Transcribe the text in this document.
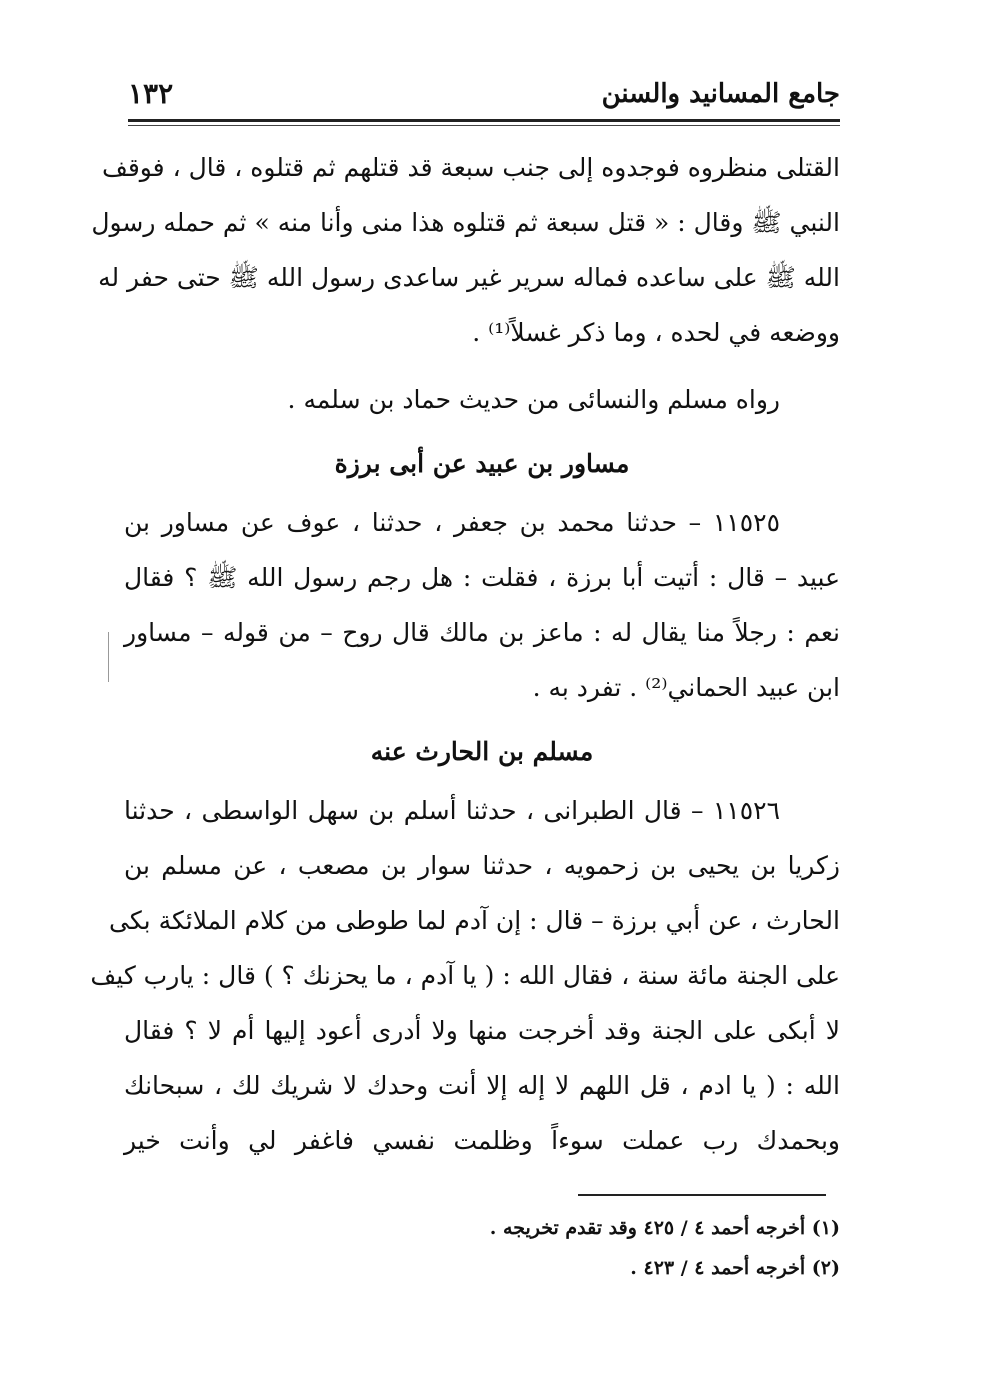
جامع المسانيد والسنن
١٣٢
القتلى منظروه فوجدوه إلى جنب سبعة قد قتلهم ثم قتلوه ، قال ، فوقف
النبي ﷺ وقال : « قتل سبعة ثم قتلوه هذا منى وأنا منه » ثم حمله رسول
الله ﷺ على ساعده فماله سرير غير ساعدى رسول الله ﷺ حتى حفر له
ووضعه في لحده ، وما ذكر غسلاً⁽¹⁾ .
رواه مسلم والنسائى من حديث حماد بن سلمه .
مساور بن عبيد عن أبى برزة
١١٥٢٥ – حدثنا محمد بن جعفر ، حدثنا ، عوف عن مساور بن
عبيد – قال : أتيت أبا برزة ، فقلت : هل رجم رسول الله ﷺ ؟ فقال
نعم : رجلاً منا يقال له : ماعز بن مالك قال روح – من قوله – مساور
ابن عبيد الحماني⁽²⁾ . تفرد به .
مسلم بن الحارث عنه
١١٥٢٦ – قال الطبرانى ، حدثنا أسلم بن سهل الواسطى ، حدثنا
زكريا بن يحيى بن زحمويه ، حدثنا سوار بن مصعب ، عن مسلم بن
الحارث ، عن أبي برزة – قال : إن آدم لما طوطى من كلام الملائكة بكى
على الجنة مائة سنة ، فقال الله : ( يا آدم ، ما يحزنك ؟ ) قال : يارب كيف
لا أبكى على الجنة وقد أخرجت منها ولا أدرى أعود إليها أم لا ؟ فقال
الله : ( يا ادم ، قل اللهم لا إله إلا أنت وحدك لا شريك لك ، سبحانك
وبحمدك رب عملت سوءاً وظلمت نفسي فاغفر لي وأنت خير
(١) أخرجه أحمد ٤ / ٤٢٥ وقد تقدم تخريجه .
(٢) أخرجه أحمد ٤ / ٤٢٣ .
